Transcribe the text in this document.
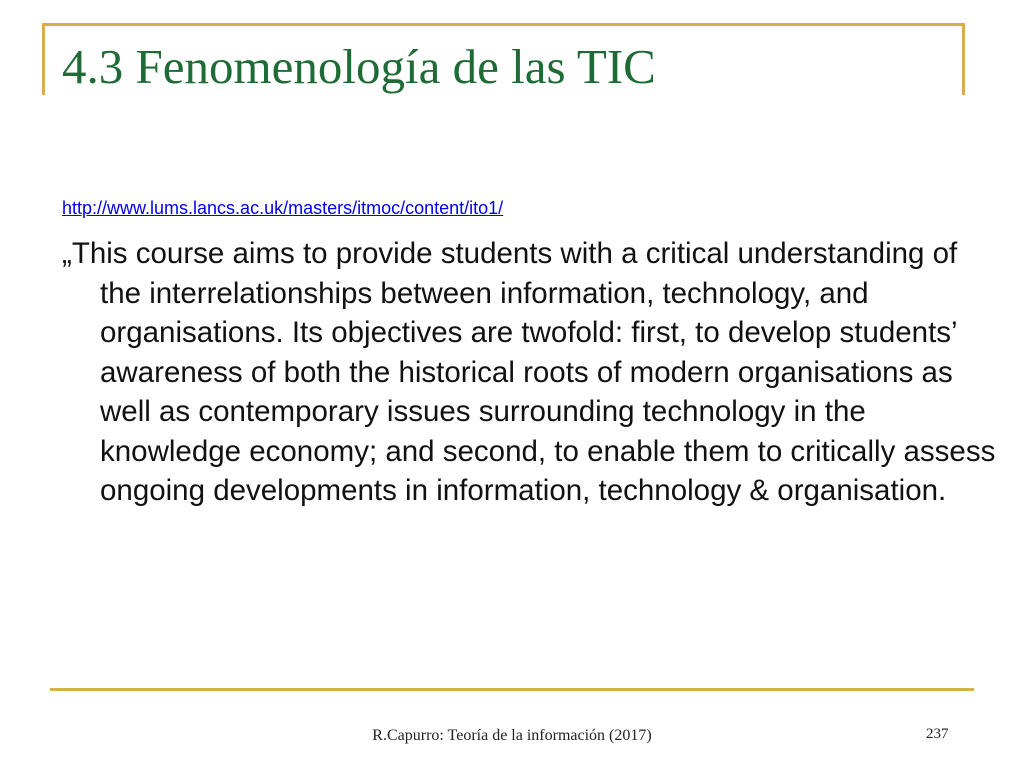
4.3 Fenomenología de las TIC
http://www.lums.lancs.ac.uk/masters/itmoc/content/ito1/

„This course aims to provide students with a critical understanding of the interrelationships between information, technology, and organisations. Its objectives are twofold: first, to develop students’ awareness of both the historical roots of modern organisations as well as contemporary issues surrounding technology in the knowledge economy; and second, to enable them to critically assess ongoing developments in information, technology & organisation.

R.Capurro: Teoría de la información (2017)	237
